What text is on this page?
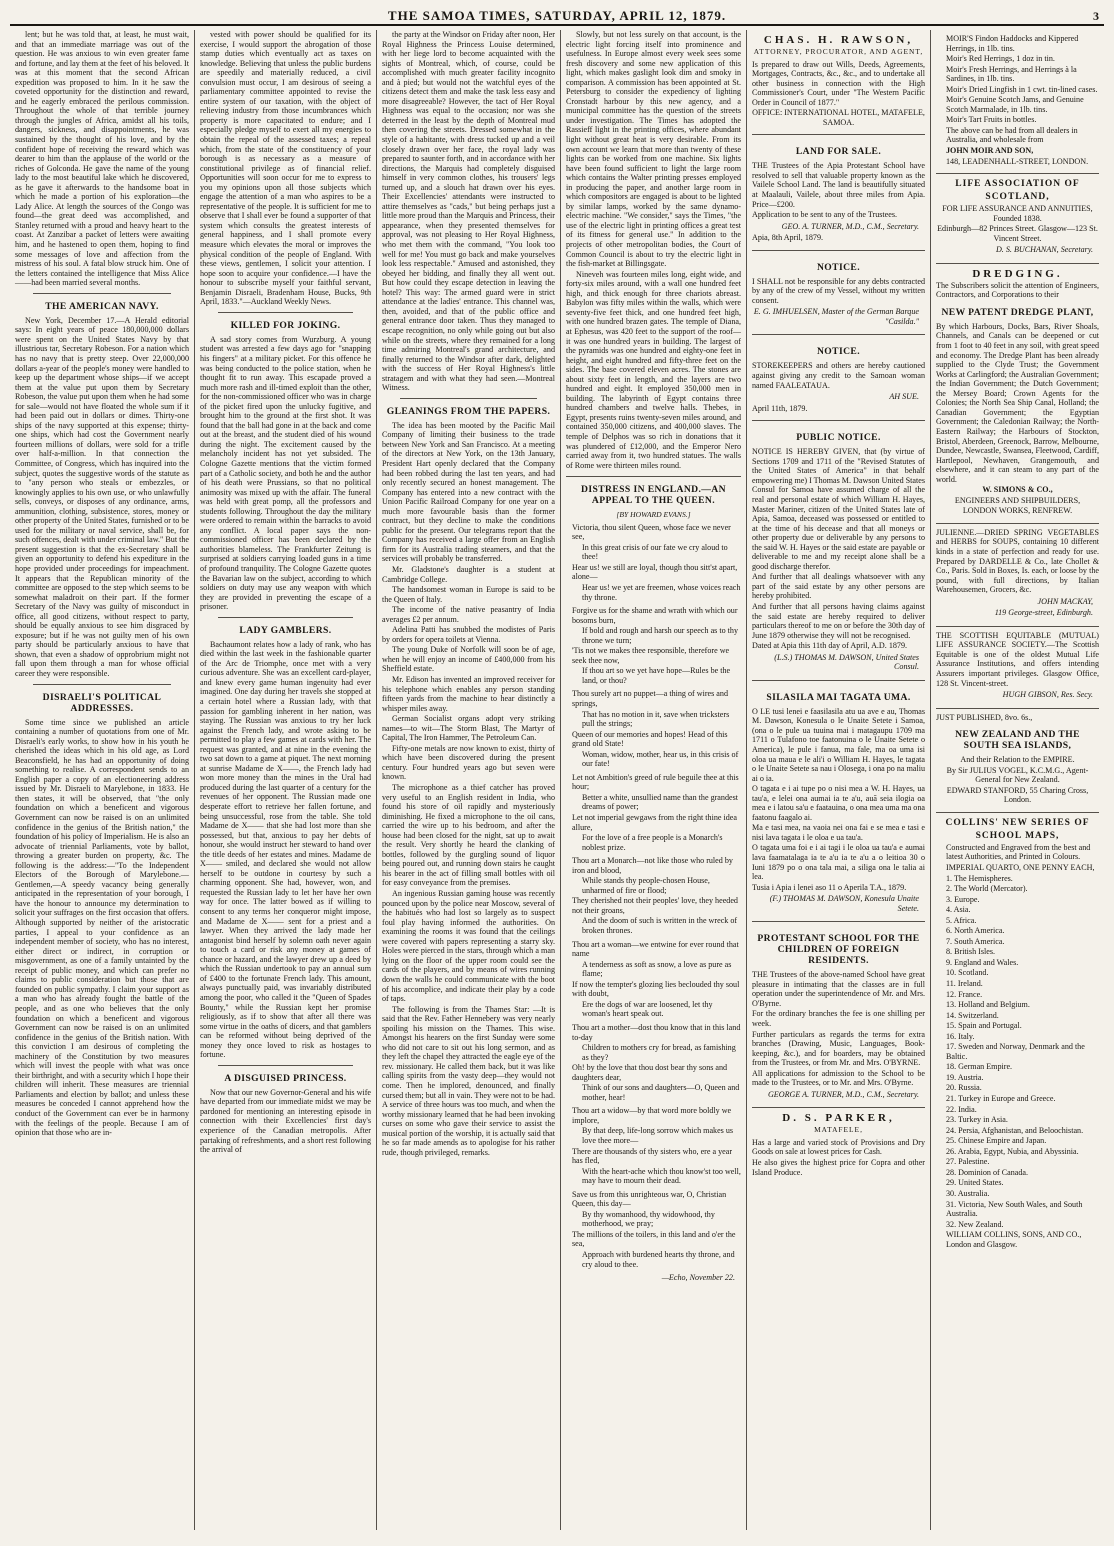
THE SAMOA TIMES, SATURDAY, APRIL 12, 1879.	3

lent; but he was told that, at least, he must wait, and that an immediate marriage was out of the question. He was anxious to win even greater fame and fortune, and lay them at the feet of his beloved. It was at this moment that the second African expedition was proposed to him. In it he saw the coveted opportunity for the distinction and reward, and he eagerly embraced the perilous commission. Throughout the whole of that terrible journey through the jungles of Africa, amidst all his toils, dangers, sickness, and disappointments, he was sustained by the thought of his love, and by the confident hope of receiving the reward which was dearer to him than the applause of the world or the riches of Golconda. He gave the name of the young lady to the most beautiful lake which he discovered, as he gave it afterwards to the handsome boat in which he made a portion of his exploration—the Lady Alice. At length the sources of the Congo was found—the great deed was accomplished, and Stanley returned with a proud and heavy heart to the coast. At Zanzibar a packet of letters were awaiting him, and he hastened to open them, hoping to find some messages of love and affection from the mistress of his soul. A fatal blow struck him. One of the letters contained the intelligence that Miss Alice——had been married several months.

THE AMERICAN NAVY.

New York, December 17.—A Herald editorial says: In eight years of peace 180,000,000 dollars were spent on the United States Navy by that illustrious tar, Secretary Robeson. For a nation which has no navy that is pretty steep. Over 22,000,000 dollars a-year of the people's money were handled to keep up the department whose ships—if we accept them at the value put upon them by Secretary Robeson, the value put upon them when he had some for sale—would not have floated the whole sum if it had been paid out in dollars or dimes. Thirty-one ships of the navy supported at this expense; thirty-one ships, which had cost the Government nearly fourteen millions of dollars, were sold for a trifle over half-a-million. In that connection the Committee, of Congress, which has inquired into the subject, quotes the suggestive words of the statute as to "any person who steals or embezzles, or knowingly applies to his own use, or who unlawfully sells, conveys, or disposes of any ordinance, arms, ammunition, clothing, subsistence, stores, money or other property of the United States, furnished or to be used for the military or naval service, shall be, for such offences, dealt with under criminal law." But the present suggestion is that the ex-Secretary shall be given an opportunity to defend his expediture in the hope provided under proceedings for impeachment. It appears that the Republican minority of the committee are opposed to the step which seems to be somewhat maladroit on their part. If the former Secretary of the Navy was guilty of misconduct in office, all good citizens, without respect to party, should be equally anxious to see him disgraced by exposure; but if he was not guilty men of his own party should be particularly anxious to have that shown, that even a shadow of opprobrium might not fall upon them through a man for whose official career they were responsible.

DISRAELI'S POLITICAL ADDRESSES.

Some time since we published an article containing a number of quotations from one of Mr. Disraeli's early works, to show how in his youth he cherished the ideas which in his old age, as Lord Beaconsfield, he has had an opportunity of doing something to realise. A correspondent sends to an English paper a copy of an electioneering address issued by Mr. Disraeli to Marylebone, in 1833. He then states, it will be observed, that "the only foundation on which a beneficent and vigorous Government can now be raised is on an unlimited confidence in the genius of the British nation," the foundation of his policy of Imperialism. He is also an advocate of triennial Parliaments, vote by ballot, throwing a greater burden on property, &c. The following is the address:—"To the Independent Electors of the Borough of Marylebone.—Gentlemen,—A speedy vacancy being generally anticipated in the representation of your borough, I have the honour to announce my determination to solicit your suffrages on the first occasion that offers. Although supported by neither of the aristocratic parties, I appeal to your confidence as an independent member of society, who has no interest, either direct or indirect, in corruption or misgovernment, as one of a family untainted by the receipt of public money, and which can prefer no claims to public consideration but those that are founded on public sympathy. I claim your support as a man who has already fought the battle of the people, and as one who believes that the only foundation on which a beneficent and vigorous Government can now be raised is on an unlimited confidence in the genius of the British nation. With this conviction I am desirous of completing the machinery of the Constitution by two measures which will invest the people with what was once their birthright, and with a security which I hope their children will inherit. These measures are triennial Parliaments and election by ballot; and unless these measures be conceded I cannot apprehend how the conduct of the Government can ever be in harmony with the feelings of the people. Because I am of opinion that those who are in-

vested with power should be qualified for its exercise, I would support the abrogation of those stamp duties which eventually act as taxes on knowledge. Believing that unless the public burdens are speedily and materially reduced, a civil convulsion must occur, I am desirous of seeing a parliamentary committee appointed to revise the entire system of our taxation, with the object of relieving industry from those incumbrances which property is more capacitated to endure; and I especially pledge myself to exert all my energies to obtain the repeal of the assessed taxes; a repeal which, from the state of the constituency of your borough is as necessary as a measure of constitutional privilege as of financial relief. Opportunities will soon occur for me to express to you my opinions upon all those subjects which engage the attention of a man who aspires to be a representative of the people. It is sufficient for me to observe that I shall ever be found a supporter of that system which consults the greatest interests of general happiness, and I shall promote every measure which elevates the moral or improves the physical condition of the people of England. With these views, gentlemen, I solicit your attention. I hope soon to acquire your confidence.—I have the honour to subscribe myself your faithful servant, Benjamin Disraeli, Bradenham House, Bucks, 9th April, 1833."—Auckland Weekly News.

KILLED FOR JOKING.

A sad story comes from Wurzburg. A young student was arrested a few days ago for "snapping his fingers" at a military picket. For this offence he was being conducted to the police station, when he thought fit to run away. This escapade proved a much more rash and ill-timed exploit than the other, for the non-commissioned officer who was in charge of the picket fired upon the unlucky fugitive, and brought him to the ground at the first shot. It was found that the ball had gone in at the back and come out at the breast, and the student died of his wound during the night. The excitement caused by the melancholy incident has not yet subsided. The Cologne Gazette mentions that the victim formed part of a Catholic society, and both he and the author of his death were Prussians, so that no political animosity was mixed up with the affair. The funeral was held with great pomp, all the professors and students following. Throughout the day the military were ordered to remain within the barracks to avoid any conflict. A local paper says the non-commissioned officer has been declared by the authorities blameless. The Frankfurter Zeitung is surprised at soldiers carrying loaded guns in a time of profound tranquility. The Cologne Gazette quotes the Bavarian law on the subject, according to which soldiers on duty may use any weapon with which they are provided in preventing the escape of a prisoner.

LADY GAMBLERS.

Bachaumont relates how a lady of rank, who has died within the last week in the fashionable quarter of the Arc de Triomphe, once met with a very curious adventure. She was an excellent card-player, and knew every game human ingenuity had ever imagined. One day during her travels she stopped at a certain hotel where a Russian lady, with that passion for gambling inherent in her nation, was staying. The Russian was anxious to try her luck against the French lady, and wrote asking to be permitted to play a few games at cards with her. The request was granted, and at nine in the evening the two sat down to a game at piquet. The next morning at sunrise Madame de X——, the French lady had won more money than the mines in the Ural had produced during the last quarter of a century for the revenues of her opponent. The Russian made one desperate effort to retrieve her fallen fortune, and being unsuccessful, rose from the table. She told Madame de X—— that she had lost more than she possessed, but that, anxious to pay her debts of honour, she would instruct her steward to hand over the title deeds of her estates and mines. Madame de X—— smiled, and declared she would not allow herself to be outdone in courtesy by such a charming opponent. She had, however, won, and requested the Russian lady to let her have her own way for once. The latter bowed as if willing to consent to any terms her conqueror might impose, and Madame de X—— sent for a priest and a lawyer. When they arrived the lady made her antagonist bind herself by solemn oath never again to touch a card or risk any money at games of chance or hazard, and the lawyer drew up a deed by which the Russian undertook to pay an annual sum of £400 to the fortunate French lady. This amount, always punctually paid, was invariably distributed among the poor, who called it the "Queen of Spades Bounty," while the Russian kept her promise religiously, as if to show that after all there was some virtue in the oaths of dicers, and that gamblers can be reformed without being deprived of the money they once loved to risk as hostages to fortune.

A DISGUISED PRINCESS.

Now that our new Governor-General and his wife have departed from our immediate midst we may be pardoned for mentioning an interesting episode in connection with their Excellencies' first day's experience of the Canadian metropolis. After partaking of refreshments, and a short rest following the arrival of

the party at the Windsor on Friday after noon, Her Royal Highness the Princess Louise determined, with her liege lord to become acquainted with the sights of Montreal, which, of course, could be accomplished with much greater facility incognito and à pied; but would not the watchful eyes of the citizens detect them and make the task less easy and more disagreeable? However, the tact of Her Royal Highness was equal to the occasion; nor was she deterred in the least by the depth of Montreal mud then covering the streets. Dressed somewhat in the style of a habitante, with dress tucked up and a veil closely drawn over her face, the royal lady was prepared to saunter forth, and in accordance with her directions, the Marquis had completely disguised himself in very common clothes, his trousers' legs turned up, and a slouch hat drawn over his eyes. Their Excellencies' attendants were instructed to attire themselves as "cads," but being perhaps just a little more proud than the Marquis and Princess, their appearance, when they presented themselves for approval, was not pleasing to Her Royal Highness, who met them with the command, "You look too well for me! You must go back and make yourselves look less respectable." Amused and astonished, they obeyed her bidding, and finally they all went out. But how could they escape detection in leaving the hotel? This way: The armed guard were in strict attendance at the ladies' entrance. This channel was, then, avoided, and that of the public office and general entrance door taken. Thus they managed to escape recognition, no only while going out but also while on the streets, where they remained for a long time admiring Montreal's grand architecture, and finally returned to the Windsor after dark, delighted with the success of Her Royal Highness's little stratagem and with what they had seen.—Montreal Witness.

GLEANINGS FROM THE PAPERS.

The idea has been mooted by the Pacific Mail Company of limiting their business to the trade between New York and San Francisco. At a meeting of the directors at New York, on the 13th January, President Hart openly declared that the Company had been robbed during the last ten years, and had only recently secured an honest management. The Company has entered into a new contract with the Union Pacific Railroad Company for one year on a much more favourable basis than the former contract, but they decline to make the conditions public for the present. Our telegrams report that the Company has received a large offer from an English firm for its Australia trading steamers, and that the services will probably be transferred.

Mr. Gladstone's daughter is a student at Cambridge College.

The handsomest woman in Europe is said to be the Queen of Italy.

The income of the native peasantry of India averages £2 per annum.

Adelina Patti has snubbed the modistes of Paris by orders for opera toilets at Vienna.

The young Duke of Norfolk will soon be of age, when he will enjoy an income of £400,000 from his Sheffield estate.

Mr. Edison has invented an improved receiver for his telephone which enables any person standing fifteen yards from the machine to hear distinctly a whisper miles away.

German Socialist organs adopt very striking names—to wit—The Storm Blast, The Martyr of Capital, The Iron Hammer, The Petroleum Can.

Fifty-one metals are now known to exist, thirty of which have been discovered during the present century. Four hundred years ago but seven were known.

The microphone as a thief catcher has proved very useful to an English resident in India, who found his store of oil rapidly and mysteriously diminishing. He fixed a microphone to the oil cans, carried the wire up to his bedroom, and after the house had been closed for the night, sat up to await the result. Very shortly he heard the clanking of bottles, followed by the gurgling sound of liquor being poured out, and running down stairs he caught his bearer in the act of filling small bottles with oil for easy conveyance from the premises.

An ingenious Russian gaming house was recently pounced upon by the police near Moscow, several of the habitués who had lost so largely as to suspect foul play having informed the authorities. On examining the rooms it was found that the ceilings were covered with papers representing a starry sky. Holes were pierced in the stars, through which a man lying on the floor of the upper room could see the cards of the players, and by means of wires running down the walls he could communicate with the boot of his accomplice, and indicate their play by a code of taps.

The following is from the Thames Star: —It is said that the Rev. Father Hennebery was very nearly spoiling his mission on the Thames. This wise. Amongst his hearers on the first Sunday were some who did not care to sit out his long sermon, and as they left the chapel they attracted the eagle eye of the rev. missionary. He called them back, but it was like calling spirits from the vasty deep—they would not come. Then he implored, denounced, and finally cursed them; but all in vain. They were not to be had. A service of three hours was too much, and when the worthy missionary learned that he had been invoking curses on some who gave their service to assist the musical portion of the worship, it is actually said that he so far made amends as to apologise for his rather rude, though privileged, remarks.

Slowly, but not less surely on that account, is the electric light forcing itself into prominence and usefulness. In Europe almost every week sees some fresh discovery and some new application of this light, which makes gaslight look dim and smoky in comparison. A commission has been appointed at St. Petersburg to consider the expediency of lighting Cronstadt harbour by this new agency, and a municipal committee has the question of the streets under investigation. The Times has adopted the Rassieff light in the printing offices, where abundant light without great heat is very desirable. From its own account we learn that more than twenty of these lights can be worked from one machine. Six lights have been found sufficient to light the large room which contains the Walter printing presses employed in producing the paper, and another large room in which compositors are engaged is about to be lighted by similar lamps, worked by the same dynamo-electric machine. "We consider," says the Times, "the use of the electric light in printing offices a great test of its fitness for general use." In addition to the projects of other metropolitan bodies, the Court of Common Council is about to try the electric light in the fish-market at Billingsgate.

Nineveh was fourteen miles long, eight wide, and forty-six miles around, with a wall one hundred feet high, and thick enough for three chariots abreast. Babylon was fifty miles within the walls, which were seventy-five feet thick, and one hundred feet high, with one hundred brazen gates. The temple of Diana, at Ephesus, was 420 feet to the support of the roof—it was one hundred years in building. The largest of the pyramids was one hundred and eighty-one feet in height, and eight hundred and fifty-three feet on the sides. The base covered eleven acres. The stones are about sixty feet in length, and the layers are two hundred and eight. It employed 350,000 men in building. The labyrinth of Egypt contains three hundred chambers and twelve halls. Thebes, in Egypt, presents ruins twenty-seven miles around, and contained 350,000 citizens, and 400,000 slaves. The temple of Delphos was so rich in donations that it was plundered of £12,000, and the Emperor Nero carried away from it, two hundred statues. The walls of Rome were thirteen miles round.

DISTRESS IN ENGLAND.—AN APPEAL TO THE QUEEN.
[BY HOWARD EVANS.]

Victoria, thou silent Queen, whose face we never see,

In this great crisis of our fate we cry aloud to thee!

Hear us! we still are loyal, though thou sitt'st apart, alone—

Hear us! we yet are freemen, whose voices reach thy throne.

Forgive us for the shame and wrath with which our bosoms burn,

If bold and rough and harsh our speech as to thy throne we turn;

'Tis not we makes thee responsible, therefore we seek thee now,

If thou art so we yet have hope—Rules be the land, or thou?

Thou surely art no puppet—a thing of wires and springs,

That has no motion in it, save when tricksters pull the strings;

Queen of our memories and hopes! Head of this grand old State!

Woman, widow, mother, hear us, in this crisis of our fate!

Let not Ambition's greed of rule beguile thee at this hour;

Better a white, unsullied name than the grandest dreams of power;

Let not imperial gewgaws from the right thine idea allure,

For the love of a free people is a Monarch's noblest prize.

Thou art a Monarch—not like those who ruled by iron and blood,

While stands thy people-chosen House, unharmed of fire or flood;

They cherished not their peoples' love, they heeded not their groans,

And the doom of such is written in the wreck of broken thrones.

Thou art a woman—we entwine for ever round that name

A tenderness as soft as snow, a love as pure as flame;

If now the tempter's glozing lies beclouded thy soul with doubt,

Ere the dogs of war are loosened, let thy woman's heart speak out.

Thou art a mother—dost thou know that in this land to-day

Children to mothers cry for bread, as famishing as they?

Oh! by the love that thou dost bear thy sons and daughters dear,

Think of our sons and daughters—O, Queen and mother, hear!

Thou art a widow—by that word more boldly we implore,

By that deep, life-long sorrow which makes us love thee more—

There are thousands of thy sisters who, ere a year has fled,

With the heart-ache which thou know'st too well, may have to mourn their dead.

Save us from this unrighteous war, O, Christian Queen, this day—

By thy womanhood, thy widowhood, thy motherhood, we pray;

The millions of the toilers, in this land and o'er the sea,

Approach with burdened hearts thy throne, and cry aloud to thee.

—Echo, November 22.
CHAS. H. RAWSON,
ATTORNEY, PROCURATOR, AND AGENT,

Is prepared to draw out Wills, Deeds, Agreements, Mortgages, Contracts, &c., &c., and to undertake all other business in connection with the High Commissioner's Court, under "The Western Pacific Order in Council of 1877."

OFFICE: INTERNATIONAL HOTEL, MATAFELE, SAMOA.

LAND FOR SALE.

THE Trustees of the Apia Protestant School have resolved to sell that valuable property known as the Vailele School Land. The land is beautifully situated at Maalauli, Vailele, about three miles from Apia. Price—£200.

Application to be sent to any of the Trustees.

GEO. A. TURNER, M.D., C.M., Secretary.

Apia, 8th April, 1879.

NOTICE.

I SHALL not be responsible for any debts contracted by any of the crew of my Vessel, without my written consent.

E. G. IMHUELSEN, Master of the German Barque "Casilda."
NOTICE.

STOREKEEPERS and others are hereby cautioned against giving any credit to the Samoan woman named FAALEATAUA.

AH SUE.

April 11th, 1879.

PUBLIC NOTICE.

NOTICE IS HEREBY GIVEN, that (by virtue of Sections 1709 and 1711 of the "Revised Statutes of the United States of America" in that behalf empowering me) I Thomas M. Dawson United States Consul for Samoa have assumed charge of all the real and personal estate of which William H. Hayes, Master Mariner, citizen of the United States late of Apia, Samoa, deceased was possessed or entitled to at the time of his decease and that all moneys or other property due or deliverable by any persons to the said W. H. Hayes or the said estate are payable or deliverable to me and my receipt alone shall be a good discharge therefor.

And further that all dealings whatsoever with any part of the said estate by any other persons are hereby prohibited.

And further that all persons having claims against the said estate are hereby required to deliver particulars thereof to me on or before the 30th day of June 1879 otherwise they will not be recognised.

Dated at Apia this 11th day of April, A.D. 1879.

(L.S.) THOMAS M. DAWSON, United States Consul.
SILASILA MAI TAGATA UMA.

O LE tusi lenei e faasilasila atu ua ave e au, Thomas M. Dawson, Konesula o le Unaite Setete i Samoa, (ona o le pule ua tuuina mai i matagaupu 1709 ma 1711 o Tulafono toe faatonuina o le Unaite Setete o America), le pule i fanua, ma fale, ma oa uma isi oloa ua maua e le ali'i o William H. Hayes, le tagata o le Unaite Setete sa nau i Olosega, i ona po na maliu ai o ia.

O tagata e i ai tupe po o nisi mea a W. H. Hayes, ua tau'a, e lelei ona aumai ia te a'u, auā seia ilogia oa mea e i latou sa'u e faatauina, o ona mea uma ma ona faatonu faagalo ai.

Ma e tasi mea, na vaoia nei ona fai e se mea e tasi e nisi lava tagata i le oloa e ua tau'a.

O tagata uma foi e i ai tagi i le oloa ua tau'a e aumai lava faamatalaga ia te a'u ia te a'u a o leitioa 30 o Iuni 1879 po o ona tala mai, a siliga ona le talia ai lea.

Tusia i Apia i lenei aso 11 o Aperila T.A., 1879.

(F.) THOMAS M. DAWSON, Konesula Unaite Setete.
PROTESTANT SCHOOL FOR THE CHILDREN OF FOREIGN RESIDENTS.

THE Trustees of the above-named School have great pleasure in intimating that the classes are in full operation under the superintendence of Mr. and Mrs. O'Byrne.

For the ordinary branches the fee is one shilling per week.

Further particulars as regards the terms for extra branches (Drawing, Music, Languages, Book-keeping, &c.), and for boarders, may be obtained from the Trustees, or from Mr. and Mrs. O'BYRNE.

All applications for admission to the School to be made to the Trustees, or to Mr. and Mrs. O'Byrne.

GEORGE A. TURNER, M.D., C.M., Secretary.
D. S. PARKER,
MATAFELE,

Has a large and varied stock of Provisions and Dry Goods on sale at lowest prices for Cash.

He also gives the highest price for Copra and other Island Produce.

MOIR'S Findon Haddocks and Kippered Herrings, in 1lb. tins.

Moir's Red Herrings, 1 doz in tin.

Moir's Fresh Herrings, and Herrings à la Sardines, in 1lb. tins.

Moir's Dried Lingfish in 1 cwt. tin-lined cases.

Moir's Genuine Scotch Jams, and Genuine Scotch Marmalade, in 1lb. tins.

Moir's Tart Fruits in bottles.

The above can be had from all dealers in Australia, and wholesale from

JOHN MOIR AND SON,

148, LEADENHALL-STREET, LONDON.

LIFE ASSOCIATION OF SCOTLAND,

FOR LIFE ASSURANCE AND ANNUITIES, Founded 1838.

Edinburgh—82 Princes Street. Glasgow—123 St. Vincent Street.

D. S. BUCHANAN, Secretary.
DREDGING.

The Subscribers solicit the attention of Engineers, Contractors, and Corporations to their

NEW PATENT DREDGE PLANT,

By which Harbours, Docks, Bars, River Shoals, Channels, and Canals can be deepened or cut from 1 foot to 40 feet in any soil, with great speed and economy. The Dredge Plant has been already supplied to the Clyde Trust; the Government Works at Carlingford; the Australian Government; the Indian Government; the Dutch Government; the Mersey Board; Crown Agents for the Colonies; the North Sea Ship Canal, Holland; the Canadian Government; the Egyptian Government; the Caledonian Railway; the North-Eastern Railway; the Harbours of Stockton, Bristol, Aberdeen, Greenock, Barrow, Melbourne, Dundee, Newcastle, Swansea, Fleetwood, Cardiff, Hartlepool, Newhaven, Grangemouth, and elsewhere, and it can steam to any part of the world.

W. SIMONS & CO.,

ENGINEERS AND SHIPBUILDERS,

LONDON WORKS, RENFREW.

JULIENNE.—DRIED SPRING VEGETABLES and HERBS for SOUPS, containing 10 different kinds in a state of perfection and ready for use. Prepared by DARDELLE & Co., late Chollet & Co., Paris. Sold in Boxes, Is. each, or loose by the pound, with full directions, by Italian Warehousemen, Grocers, &c.

JOHN MACKAY,
119 George-street, Edinburgh.

THE SCOTTISH EQUITABLE (MUTUAL) LIFE ASSURANCE SOCIETY.—The Scottish Equitable is one of the oldest Mutual Life Assurance Institutions, and offers intending Assurers important privileges. Glasgow Office, 128 St. Vincent-street.

HUGH GIBSON, Res. Secy.

JUST PUBLISHED, 8vo. 6s.,

NEW ZEALAND AND THE SOUTH SEA ISLANDS,

And their Relation to the EMPIRE.

By Sir JULIUS VOGEL, K.C.M.G., Agent-General for New Zealand.

EDWARD STANFORD, 55 Charing Cross, London.

COLLINS' NEW SERIES OF SCHOOL MAPS,

Constructed and Engraved from the best and latest Authorities, and Printed in Colours.

IMPERIAL QUARTO, ONE PENNY EACH,

1. The Hemispheres.

2. The World (Mercator).

3. Europe.

4. Asia.

5. Africa.

6. North America.

7. South America.

8. British Isles.

9. England and Wales.

10. Scotland.

11. Ireland.

12. France.

13. Holland and Belgium.

14. Switzerland.

15. Spain and Portugal.

16. Italy.

17. Sweden and Norway, Denmark and the Baltic.

18. German Empire.

19. Austria.

20. Russia.

21. Turkey in Europe and Greece.

22. India.

23. Turkey in Asia.

24. Persia, Afghanistan, and Beloochistan.

25. Chinese Empire and Japan.

26. Arabia, Egypt, Nubia, and Abyssinia.

27. Palestine.

28. Dominion of Canada.

29. United States.

30. Australia.

31. Victoria, New South Wales, and South Australia.

32. New Zealand.

WILLIAM COLLINS, SONS, AND CO., London and Glasgow.
